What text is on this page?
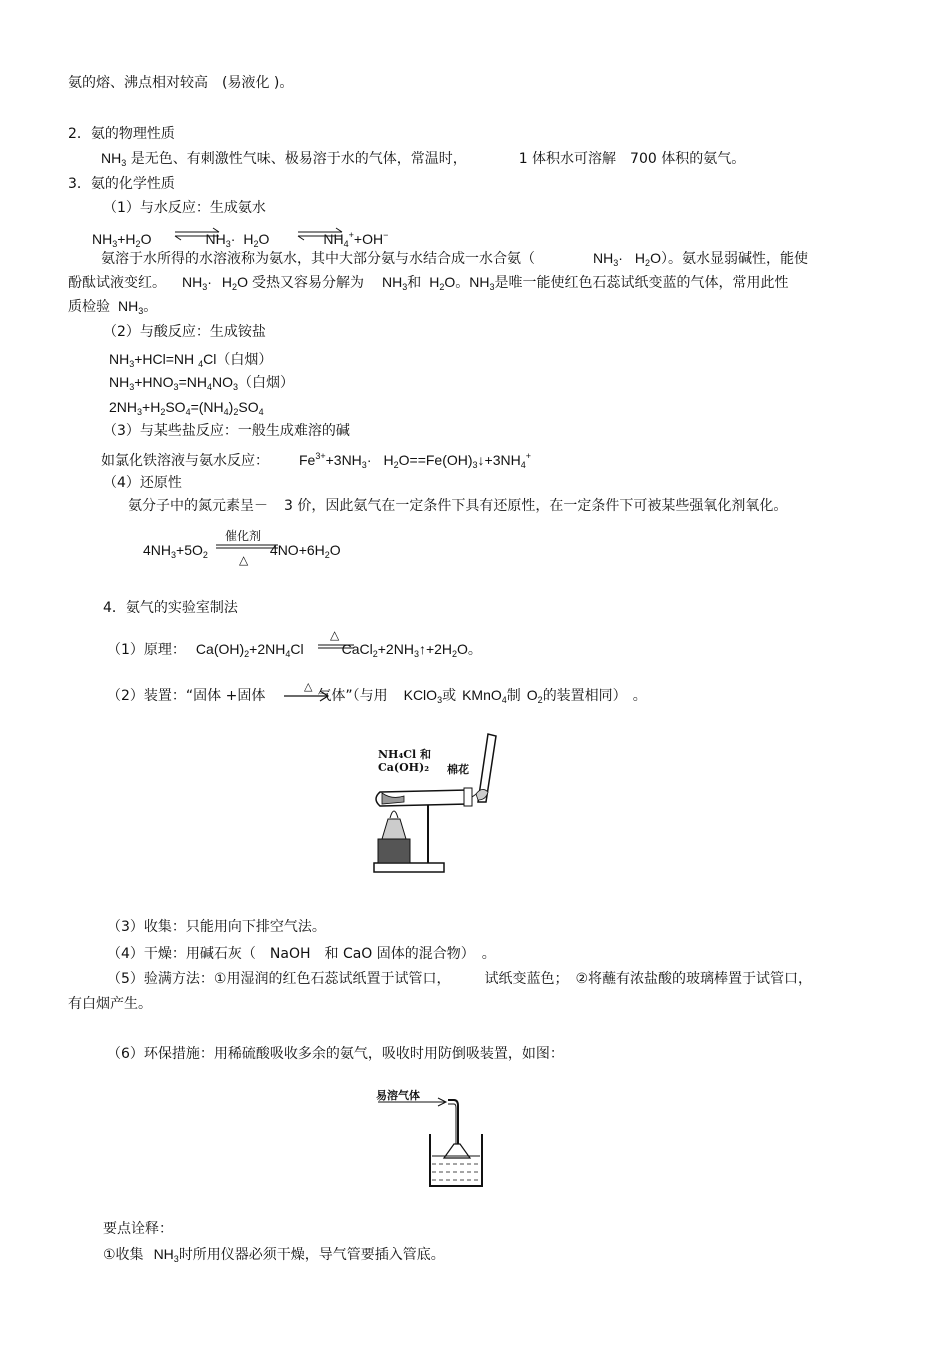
氨的熔、沸点相对较高　(易液化 )。
2．氨的物理性质
$NH_3$ 是无色、有刺激性气味、极易溶于水的气体，常温时，	1 体积水可溶解　700 体积的氨气。
3．氨的化学性质
（1）与水反应：生成氨水
$NH_3+H_2O$	$NH_3\cdot H_2O$	$NH_4^++OH^-$
氨溶于水所得的水溶液称为氨水，其中大部分氨与水结合成一水合氨（	$NH_3\cdot H_2O$）。氨水显弱碱性，能使
酚酞试液变红。 $NH_3\cdot H_2O$ 受热又容易分解为 $NH_3$和 $H_2O$。$NH_3$是唯一能使红色石蕊试纸变蓝的气体，常用此性
质检验 $NH_3$。
（2）与酸反应：生成铵盐
$NH_3+HCl=NH$ $_4$Cl（白烟）
$NH_3+HNO_3=NH_4NO_3$（白烟）
$2NH_3+H_2SO_4=(NH_4)_2SO_4$
（3）与某些盐反应：一般生成难溶的碱
如氯化铁溶液与氨水反应： $Fe^{3+}+3NH_3\cdot$ $H_2O==Fe(OH)_3↓+3NH_4^+$
（4）还原性
氨分子中的氮元素呈－ 3 价，因此氨气在一定条件下具有还原性，在一定条件下可被某些强氧化剂氧化。
$4NH_3+5O_2$	$4NO+6H_2O$
催化剂
△
4．氨气的实验室制法
（1）原理： $Ca(OH)_2+2NH_4Cl$	$CaCl_2+2NH_3↑+2H_2O$。
△
（2）装置：“固体 +固体	气体”（与用 KClO$_3$或 KMnO$_4$制 $O_2$的装置相同） 。
△
NH₄Cl 和
Ca(OH)₂ 棉花
（3）收集：只能用向下排空气法。
（4）干燥：用碱石灰（　NaOH　和 CaO 固体的混合物）　。
（5）验满方法：①用湿润的红色石蕊试纸置于试管口， 试纸变蓝色；　②将蘸有浓盐酸的玻璃棒置于试管口，
有白烟产生。
（6）环保措施：用稀硫酸吸收多余的氨气，吸收时用防倒吸装置，如图：
易溶气体
要点诠释：
①收集 $NH_3$时所用仪器必须干燥，导气管要插入管底。
